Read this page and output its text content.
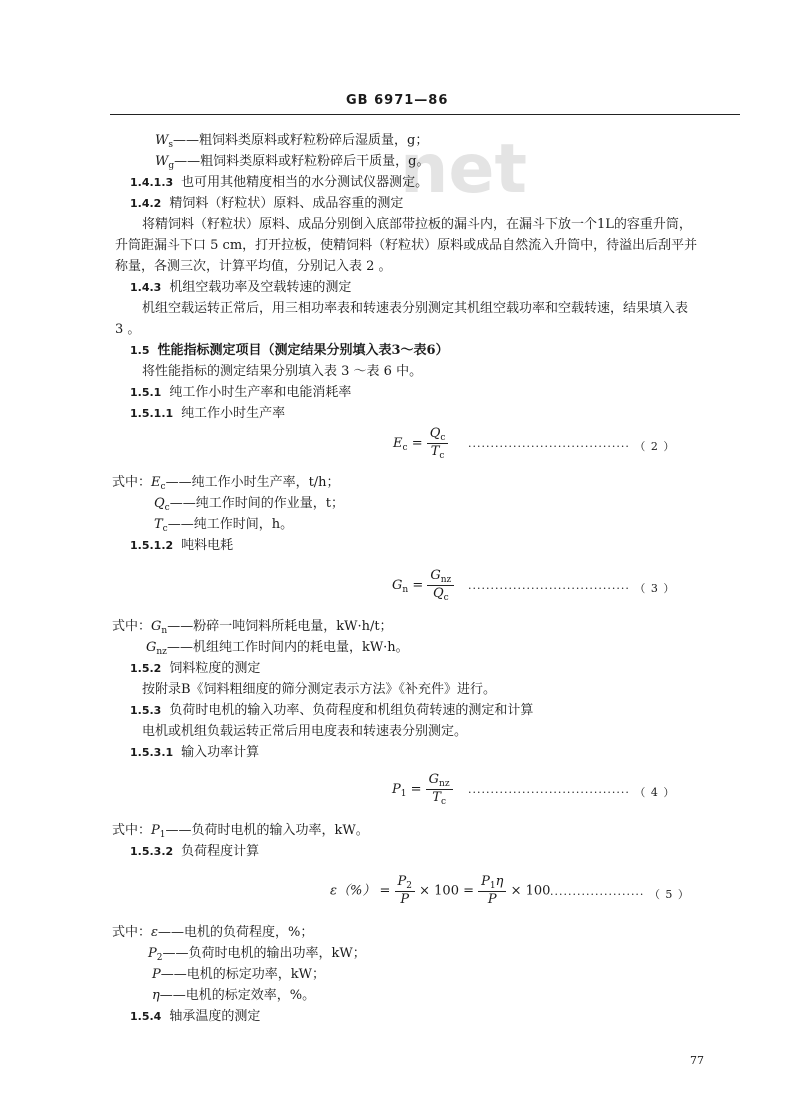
net
GB 6971—86
$W_s——$粗饲料类原料或籽粒粉碎后湿质量，g；
$W_g——$粗饲料类原料或籽粒粉碎后干质量，g。
1.4.1.3 也可用其他精度相当的水分测试仪器测定。
1.4.2 精饲料（籽粒状）原料、成品容重的测定
将精饲料（籽粒状）原料、成品分别倒入底部带拉板的漏斗内，在漏斗下放一个1L的容重升筒，
升筒距漏斗下口 5 cm，打开拉板，使精饲料（籽粒状）原料或成品自然流入升筒中，待溢出后刮平并
称量，各测三次，计算平均值，分别记入表 2 。
1.4.3 机组空载功率及空载转速的测定
机组空载运转正常后，用三相功率表和转速表分别测定其机组空载功率和空载转速，结果填入表
3 。
1.5 性能指标测定项目（测定结果分别填入表3～表6）
将性能指标的测定结果分别填入表 3 ～表 6 中。
1.5.1 纯工作小时生产率和电能消耗率
1.5.1.1 纯工作小时生产率
$E_c = \frac{Q_c}{T_c}$ ···································· （ 2 ）
式中：$E_c——$纯工作小时生产率，t/h；
$Q_c——$纯工作时间的作业量，t；
$T_c——$纯工作时间，h。
1.5.1.2 吨料电耗
$G_n = \frac{G_{nz}}{Q_c}$ ···································· （ 3 ）
式中：$G_n——$粉碎一吨饲料所耗电量，kW·h/t；
$G_{nz}——$机组纯工作时间内的耗电量，kW·h。
1.5.2 饲料粒度的测定
按附录B《饲料粗细度的筛分测定表示方法》《补充件》进行。
1.5.3 负荷时电机的输入功率、负荷程度和机组负荷转速的测定和计算
电机或机组负载运转正常后用电度表和转速表分别测定。
1.5.3.1 输入功率计算
$P_1 = \frac{G_{nz}}{T_c}$ ···································· （ 4 ）
式中：$P_1——$负荷时电机的输入功率，kW。
1.5.3.2 负荷程度计算
$\varepsilon(\%) = \frac{P_2}{P} \times 100 = \frac{P_1\eta}{P} \times 100$ ····················· （ 5 ）
式中：ε——电机的负荷程度，%；
$P_2——$负荷时电机的输出功率，kW；
P——电机的标定功率，kW；
η——电机的标定效率，%。
1.5.4 轴承温度的测定
77
